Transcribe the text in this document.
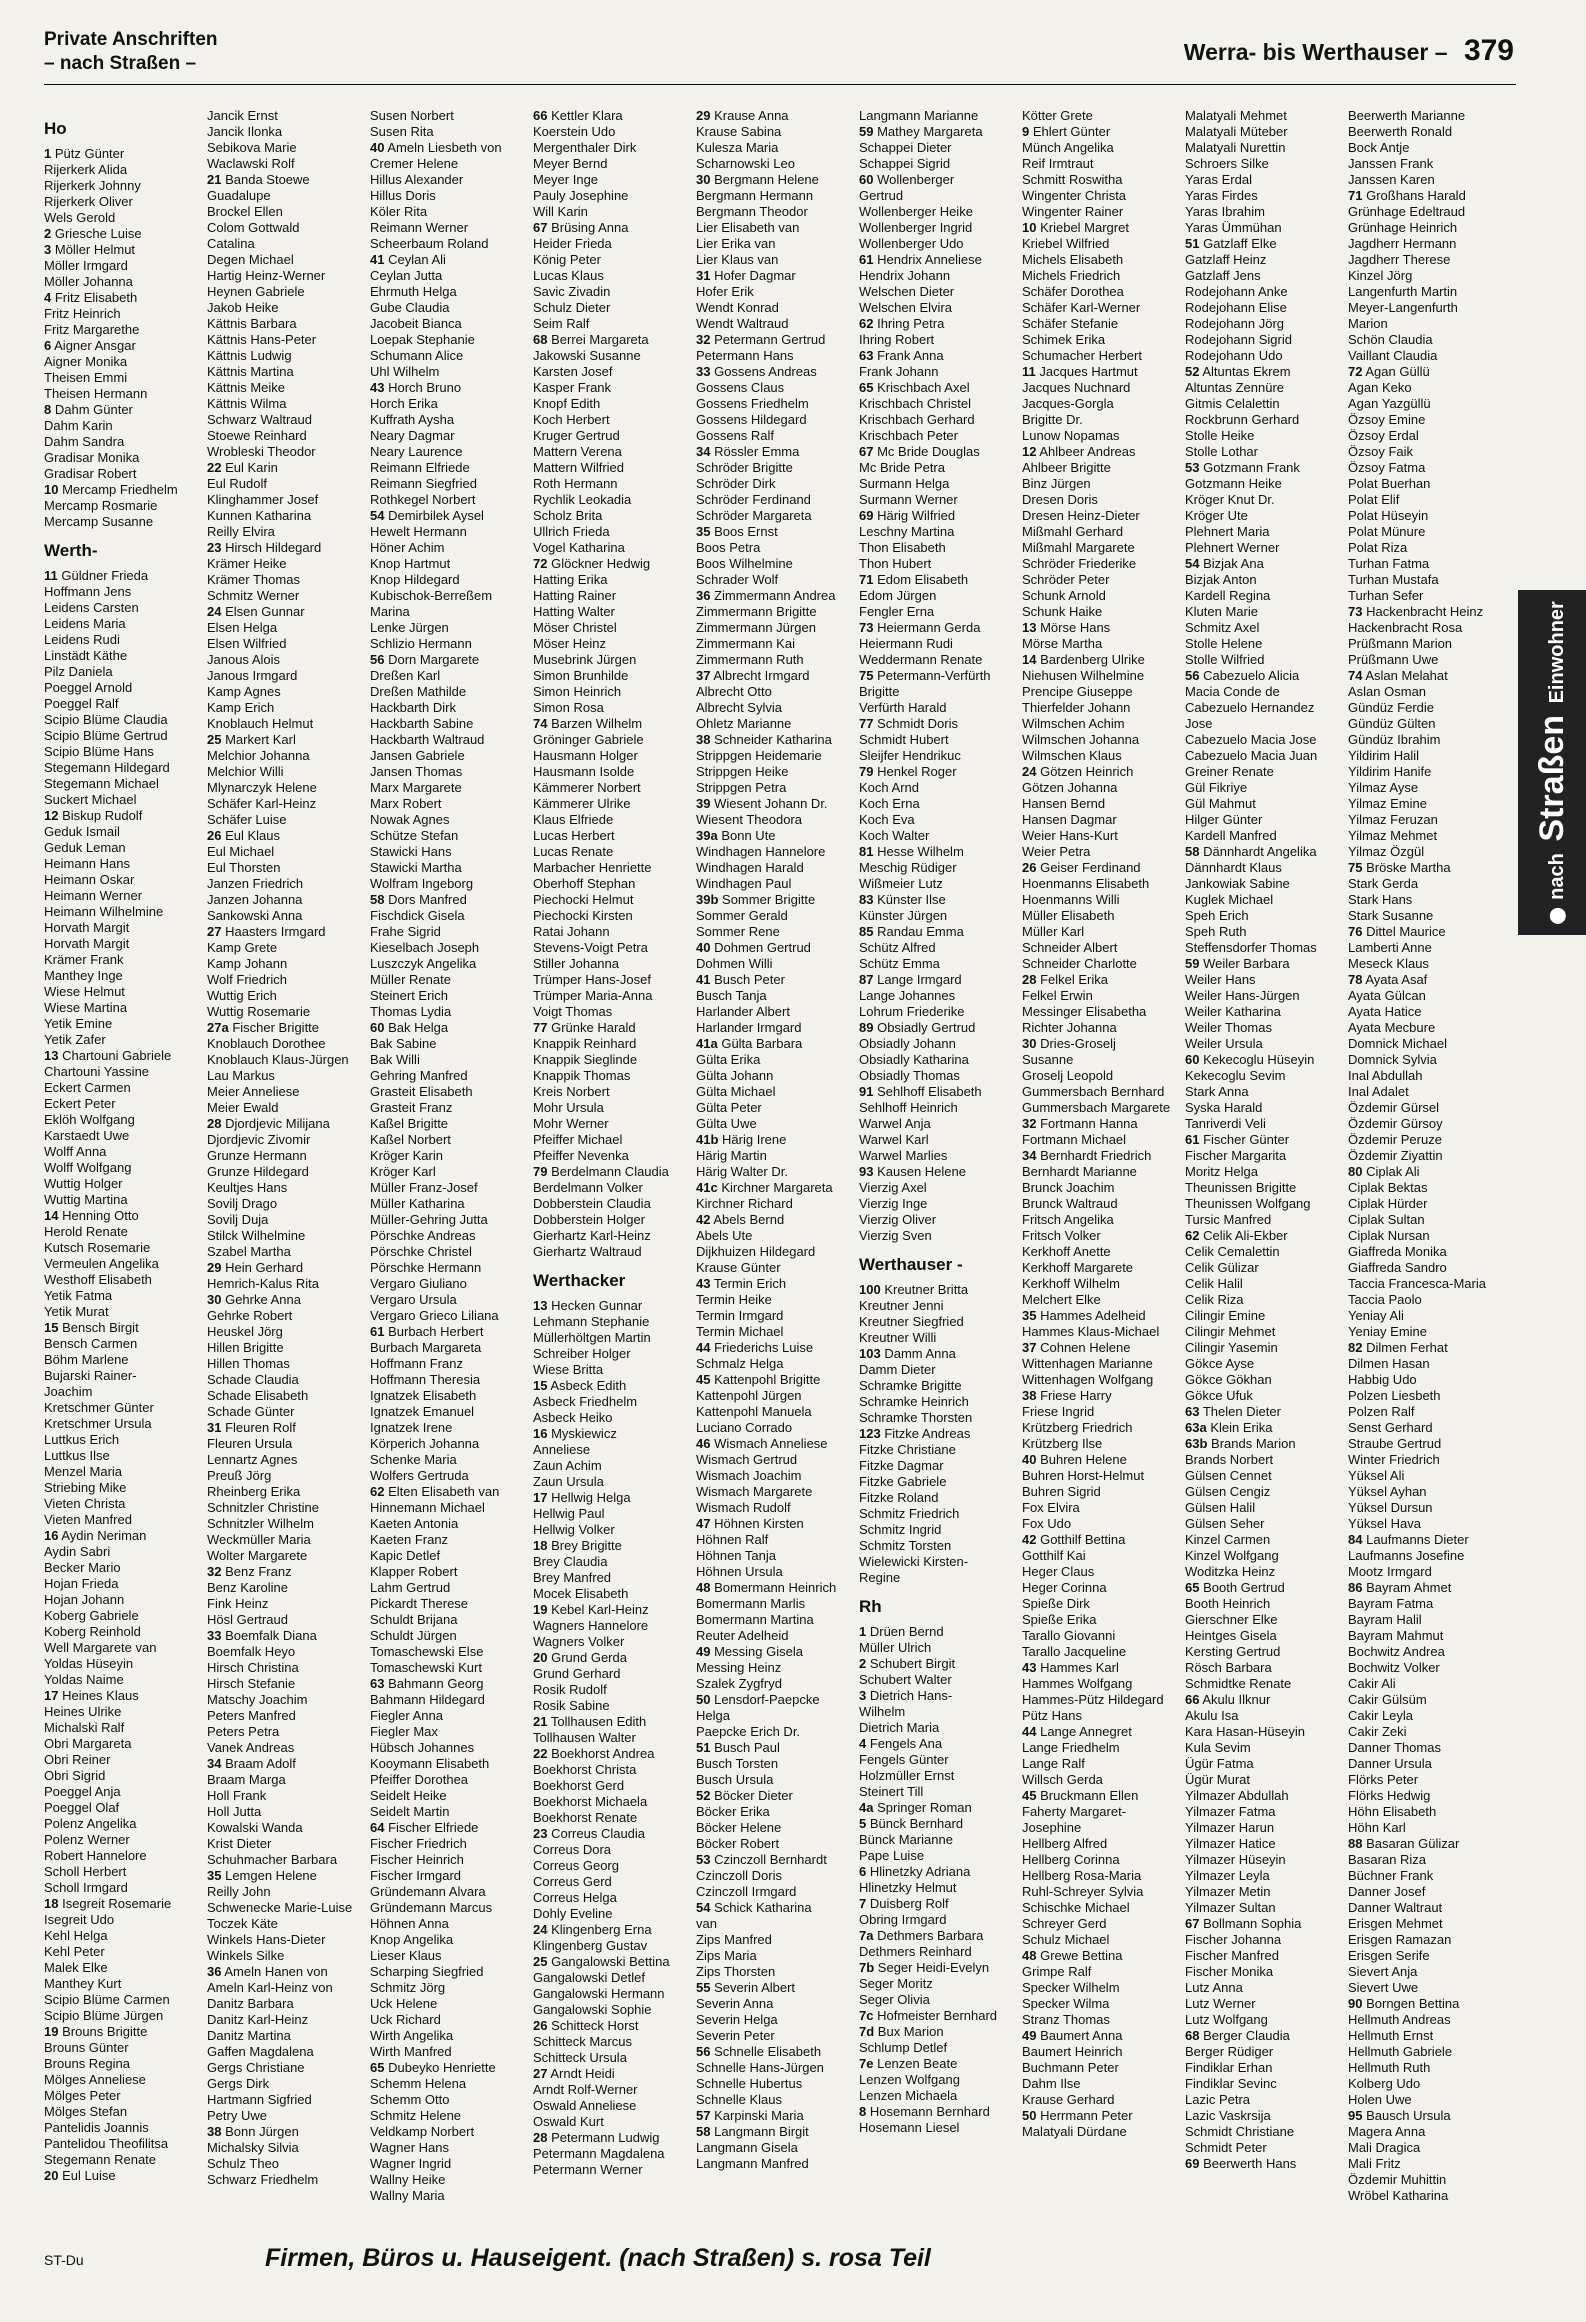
Private Anschriften
– nach Straßen –	Werra- bis Werthauser – 379
Ho
1 Pütz Günter
Rijerkerk Alida
Rijerkerk Johnny
Rijerkerk Oliver
Wels Gerold
2 Griesche Luise
3 Möller Helmut
Möller Irmgard
Möller Johanna
4 Fritz Elisabeth
Fritz Heinrich
Fritz Margarethe
6 Aigner Ansgar
Aigner Monika
Theisen Emmi
Theisen Hermann
8 Dahm Günter
Dahm Karin
Dahm Sandra
Gradisar Monika
Gradisar Robert
10 Mercamp Friedhelm
Mercamp Rosmarie
Mercamp Susanne
Werth-
11 Güldner Frieda
Hoffmann Jens
Leidens Carsten
Leidens Maria
Leidens Rudi
Linstädt Käthe
Pilz Daniela
Poeggel Arnold
Poeggel Ralf
Scipio Blüme Claudia
Scipio Blüme Gertrud
Scipio Blüme Hans
Stegemann Hildegard
Stegemann Michael
Suckert Michael
12 Biskup Rudolf
Geduk Ismail
Geduk Leman
Heimann Hans
Heimann Oskar
Heimann Werner
Heimann Wilhelmine
Horvath Margit
Horvath Margit
Krämer Frank
Manthey Inge
Wiese Helmut
Wiese Martina
Yetik Emine
Yetik Zafer
13 Chartouni Gabriele
Chartouni Yassine
Eckert Carmen
Eckert Peter
Eklöh Wolfgang
Karstaedt Uwe
Wolff Anna
Wolff Wolfgang
Wuttig Holger
Wuttig Martina
14 Henning Otto
Herold Renate
Kutsch Rosemarie
Vermeulen Angelika
Westhoff Elisabeth
Yetik Fatma
Yetik Murat
15 Bensch Birgit
Bensch Carmen
Böhm Marlene
Bujarski Rainer-
Joachim
Kretschmer Günter
Kretschmer Ursula
Luttkus Erich
Luttkus Ilse
Menzel Maria
Striebing Mike
Vieten Christa
Vieten Manfred
16 Aydin Neriman
Aydin Sabri
Becker Mario
Hojan Frieda
Hojan Johann
Koberg Gabriele
Koberg Reinhold
Well Margarete van
Yoldas Hüseyin
Yoldas Naime
17 Heines Klaus
Heines Ulrike
Michalski Ralf
Obri Margareta
Obri Reiner
Obri Sigrid
Poeggel Anja
Poeggel Olaf
Polenz Angelika
Polenz Werner
Robert Hannelore
Scholl Herbert
Scholl Irmgard
18 Isegreit Rosemarie
Isegreit Udo
Kehl Helga
Kehl Peter
Malek Elke
Manthey Kurt
Scipio Blüme Carmen
Scipio Blüme Jürgen
19 Brouns Brigitte
Brouns Günter
Brouns Regina
Mölges Anneliese
Mölges Peter
Mölges Stefan
Pantelidis Joannis
Pantelidou Theofilitsa
Stegemann Renate
20 Eul Luise
Jancik Ernst
Jancik Ilonka
Sebikova Marie
Waclawski Rolf
21 Banda Stoewe
Guadalupe
Brockel Ellen
Colom Gottwald
Catalina
Degen Michael
Hartig Heinz-Werner
Heynen Gabriele
Jakob Heike
Kättnis Barbara
Kättnis Hans-Peter
Kättnis Ludwig
Kättnis Martina
Kättnis Meike
Kättnis Wilma
Schwarz Waltraud
Stoewe Reinhard
Wrobleski Theodor
22 Eul Karin
Eul Rudolf
Klinghammer Josef
Kunnen Katharina
Reilly Elvira
23 Hirsch Hildegard
Krämer Heike
Krämer Thomas
Schmitz Werner
24 Elsen Gunnar
Elsen Helga
Elsen Wilfried
Janous Alois
Janous Irmgard
Kamp Agnes
Kamp Erich
Knoblauch Helmut
25 Markert Karl
Melchior Johanna
Melchior Willi
Mlynarczyk Helene
Schäfer Karl-Heinz
Schäfer Luise
26 Eul Klaus
Eul Michael
Eul Thorsten
Janzen Friedrich
Janzen Johanna
Sankowski Anna
27 Haasters Irmgard
Kamp Grete
Kamp Johann
Wolf Friedrich
Wuttig Erich
Wuttig Rosemarie
27a Fischer Brigitte
Knoblauch Dorothee
Knoblauch Klaus-Jürgen
Lau Markus
Meier Anneliese
Meier Ewald
28 Djordjevic Milijana
Djordjevic Zivomir
Grunze Hermann
Grunze Hildegard
Keultjes Hans
Sovilj Drago
Sovilj Duja
Stilck Wilhelmine
Szabel Martha
29 Hein Gerhard
Hemrich-Kalus Rita
30 Gehrke Anna
Gehrke Robert
Heuskel Jörg
Hillen Brigitte
Hillen Thomas
Schade Claudia
Schade Elisabeth
Schade Günter
31 Fleuren Rolf
Fleuren Ursula
Lennartz Agnes
Preuß Jörg
Rheinberg Erika
Schnitzler Christine
Schnitzler Wilhelm
Weckmüller Maria
Wolter Margarete
32 Benz Franz
Benz Karoline
Fink Heinz
Hösl Gertraud
33 Boemfalk Diana
Boemfalk Heyo
Hirsch Christina
Hirsch Stefanie
Matschy Joachim
Peters Manfred
Peters Petra
Vanek Andreas
34 Braam Adolf
Braam Marga
Holl Frank
Holl Jutta
Kowalski Wanda
Krist Dieter
Schuhmacher Barbara
35 Lemgen Helene
Reilly John
Schwenecke Marie-Luise
Toczek Käte
Winkels Hans-Dieter
Winkels Silke
36 Ameln Hanen von
Ameln Karl-Heinz von
Danitz Barbara
Danitz Karl-Heinz
Danitz Martina
Gaffen Magdalena
Gergs Christiane
Gergs Dirk
Hartmann Sigfried
Petry Uwe
38 Bonn Jürgen
Michalsky Silvia
Schulz Theo
Schwarz Friedhelm
Susen Norbert
Susen Rita
40 Ameln Liesbeth von
Cremer Helene
Hillus Alexander
Hillus Doris
Köler Rita
Reimann Werner
Scheerbaum Roland
41 Ceylan Ali
Ceylan Jutta
Ehrmuth Helga
Gube Claudia
Jacobeit Bianca
Loepak Stephanie
Schumann Alice
Uhl Wilhelm
43 Horch Bruno
Horch Erika
Kuffrath Aysha
Neary Dagmar
Neary Laurence
Reimann Elfriede
Reimann Siegfried
Rothkegel Norbert
54 Demirbilek Aysel
Hewelt Hermann
Höner Achim
Knop Hartmut
Knop Hildegard
Kubischok-Berreßem
Marina
Lenke Jürgen
Schlizio Hermann
56 Dorn Margarete
Dreßen Karl
Dreßen Mathilde
Hackbarth Dirk
Hackbarth Sabine
Hackbarth Waltraud
Jansen Gabriele
Jansen Thomas
Marx Margarete
Marx Robert
Nowak Agnes
Schütze Stefan
Stawicki Hans
Stawicki Martha
Wolfram Ingeborg
58 Dors Manfred
Fischdick Gisela
Frahe Sigrid
Kieselbach Joseph
Luszczyk Angelika
Müller Renate
Steinert Erich
Thomas Lydia
60 Bak Helga
Bak Sabine
Bak Willi
Gehring Manfred
Grasteit Elisabeth
Grasteit Franz
Kaßel Brigitte
Kaßel Norbert
Kröger Karin
Kröger Karl
Müller Franz-Josef
Müller Katharina
Müller-Gehring Jutta
Pörschke Andreas
Pörschke Christel
Pörschke Hermann
Vergaro Giuliano
Vergaro Ursula
Vergaro Grieco Liliana
61 Burbach Herbert
Burbach Margareta
Hoffmann Franz
Hoffmann Theresia
Ignatzek Elisabeth
Ignatzek Emanuel
Ignatzek Irene
Körperich Johanna
Schenke Maria
Wolfers Gertruda
62 Elten Elisabeth van
Hinnemann Michael
Kaeten Antonia
Kaeten Franz
Kapic Detlef
Klapper Robert
Lahm Gertrud
Pickardt Therese
Schuldt Brijana
Schuldt Jürgen
Tomaschewski Else
Tomaschewski Kurt
63 Bahmann Georg
Bahmann Hildegard
Fiegler Anna
Fiegler Max
Hübsch Johannes
Kooymann Elisabeth
Pfeiffer Dorothea
Seidelt Heike
Seidelt Martin
64 Fischer Elfriede
Fischer Friedrich
Fischer Heinrich
Fischer Irmgard
Gründemann Alvara
Gründemann Marcus
Höhnen Anna
Knop Angelika
Lieser Klaus
Scharping Siegfried
Schmitz Jörg
Uck Helene
Uck Richard
Wirth Angelika
Wirth Manfred
65 Dubeyko Henriette
Schemm Helena
Schemm Otto
Schmitz Helene
Veldkamp Norbert
Wagner Hans
Wagner Ingrid
Wallny Heike
Wallny Maria
66 Kettler Klara
Koerstein Udo
Mergenthaler Dirk
Meyer Bernd
Meyer Inge
Pauly Josephine
Will Karin
67 Brüsing Anna
Heider Frieda
König Peter
Lucas Klaus
Savic Zivadin
Schulz Dieter
Seim Ralf
68 Berrei Margareta
Jakowski Susanne
Karsten Josef
Kasper Frank
Knopf Edith
Koch Herbert
Kruger Gertrud
Mattern Verena
Mattern Wilfried
Roth Hermann
Rychlik Leokadia
Scholz Brita
Ullrich Frieda
Vogel Katharina
72 Glöckner Hedwig
Hatting Erika
Hatting Rainer
Hatting Walter
Möser Christel
Möser Heinz
Musebrink Jürgen
Simon Brunhilde
Simon Heinrich
Simon Rosa
74 Barzen Wilhelm
Gröninger Gabriele
Hausmann Holger
Hausmann Isolde
Kämmerer Norbert
Kämmerer Ulrike
Klaus Elfriede
Lucas Herbert
Lucas Renate
Marbacher Henriette
Oberhoff Stephan
Piechocki Helmut
Piechocki Kirsten
Ratai Johann
Stevens-Voigt Petra
Stiller Johanna
Trümper Hans-Josef
Trümper Maria-Anna
Voigt Thomas
77 Grünke Harald
Knappik Reinhard
Knappik Sieglinde
Knappik Thomas
Kreis Norbert
Mohr Ursula
Mohr Werner
Pfeiffer Michael
Pfeiffer Nevenka
79 Berdelmann Claudia
Berdelmann Volker
Dobberstein Claudia
Dobberstein Holger
Gierhartz Karl-Heinz
Gierhartz Waltraud
Werthacker
13 Hecken Gunnar
Lehmann Stephanie
Müllerhöltgen Martin
Schreiber Holger
Wiese Britta
15 Asbeck Edith
Asbeck Friedhelm
Asbeck Heiko
16 Myskiewicz
Anneliese
Zaun Achim
Zaun Ursula
17 Hellwig Helga
Hellwig Paul
Hellwig Volker
18 Brey Brigitte
Brey Claudia
Brey Manfred
Mocek Elisabeth
19 Kebel Karl-Heinz
Wagners Hannelore
Wagners Volker
20 Grund Gerda
Grund Gerhard
Rosik Rudolf
Rosik Sabine
21 Tollhausen Edith
Tollhausen Walter
22 Boekhorst Andrea
Boekhorst Christa
Boekhorst Gerd
Boekhorst Michaela
Boekhorst Renate
23 Correus Claudia
Correus Dora
Correus Georg
Correus Gerd
Correus Helga
Dohly Eveline
24 Klingenberg Erna
Klingenberg Gustav
25 Gangalowski Bettina
Gangalowski Detlef
Gangalowski Hermann
Gangalowski Sophie
26 Schitteck Horst
Schitteck Marcus
Schitteck Ursula
27 Arndt Heidi
Arndt Rolf-Werner
Oswald Anneliese
Oswald Kurt
28 Petermann Ludwig
Petermann Magdalena
Petermann Werner
29 Krause Anna
Krause Sabina
Kulesza Maria
Scharnowski Leo
30 Bergmann Helene
Bergmann Hermann
Bergmann Theodor
Lier Elisabeth van
Lier Erika van
Lier Klaus van
31 Hofer Dagmar
Hofer Erik
Wendt Konrad
Wendt Waltraud
32 Petermann Gertrud
Petermann Hans
33 Gossens Andreas
Gossens Claus
Gossens Friedhelm
Gossens Hildegard
Gossens Ralf
34 Rössler Emma
Schröder Brigitte
Schröder Dirk
Schröder Ferdinand
Schröder Margareta
35 Boos Ernst
Boos Petra
Boos Wilhelmine
Schrader Wolf
36 Zimmermann Andrea
Zimmermann Brigitte
Zimmermann Jürgen
Zimmermann Kai
Zimmermann Ruth
37 Albrecht Irmgard
Albrecht Otto
Albrecht Sylvia
Ohletz Marianne
38 Schneider Katharina
Strippgen Heidemarie
Strippgen Heike
Strippgen Petra
39 Wiesent Johann Dr.
Wiesent Theodora
39a Bonn Ute
Windhagen Hannelore
Windhagen Harald
Windhagen Paul
39b Sommer Brigitte
Sommer Gerald
Sommer Rene
40 Dohmen Gertrud
Dohmen Willi
41 Busch Peter
Busch Tanja
Harlander Albert
Harlander Irmgard
41a Gülta Barbara
Gülta Erika
Gülta Johann
Gülta Michael
Gülta Peter
Gülta Uwe
41b Härig Irene
Härig Martin
Härig Walter Dr.
41c Kirchner Margareta
Kirchner Richard
42 Abels Bernd
Abels Ute
Dijkhuizen Hildegard
Krause Günter
43 Termin Erich
Termin Heike
Termin Irmgard
Termin Michael
44 Friederichs Luise
Schmalz Helga
45 Kattenpohl Brigitte
Kattenpohl Jürgen
Kattenpohl Manuela
Luciano Corrado
46 Wismach Anneliese
Wismach Gertrud
Wismach Joachim
Wismach Margarete
Wismach Rudolf
47 Höhnen Kirsten
Höhnen Ralf
Höhnen Tanja
Höhnen Ursula
48 Bomermann Heinrich
Bomermann Marlis
Bomermann Martina
Reuter Adelheid
49 Messing Gisela
Messing Heinz
Szalek Zygfryd
50 Lensdorf-Paepcke
Helga
Paepcke Erich Dr.
51 Busch Paul
Busch Torsten
Busch Ursula
52 Böcker Dieter
Böcker Erika
Böcker Helene
Böcker Robert
53 Czinczoll Bernhardt
Czinczoll Doris
Czinczoll Irmgard
54 Schick Katharina
van
Zips Manfred
Zips Maria
Zips Thorsten
55 Severin Albert
Severin Anna
Severin Helga
Severin Peter
56 Schnelle Elisabeth
Schnelle Hans-Jürgen
Schnelle Hubertus
Schnelle Klaus
57 Karpinski Maria
58 Langmann Birgit
Langmann Gisela
Langmann Manfred
Langmann Marianne
59 Mathey Margareta
Schappei Dieter
Schappei Sigrid
60 Wollenberger
Gertrud
Wollenberger Heike
Wollenberger Ingrid
Wollenberger Udo
61 Hendrix Anneliese
Hendrix Johann
Welschen Dieter
Welschen Elvira
62 Ihring Petra
Ihring Robert
63 Frank Anna
Frank Johann
65 Krischbach Axel
Krischbach Christel
Krischbach Gerhard
Krischbach Peter
67 Mc Bride Douglas
Mc Bride Petra
Surmann Helga
Surmann Werner
69 Härig Wilfried
Leschny Martina
Thon Elisabeth
Thon Hubert
71 Edom Elisabeth
Edom Jürgen
Fengler Erna
73 Heiermann Gerda
Heiermann Rudi
Weddermann Renate
75 Petermann-Verfürth
Brigitte
Verfürth Harald
77 Schmidt Doris
Schmidt Hubert
Sleijfer Hendrikuc
79 Henkel Roger
Koch Arnd
Koch Erna
Koch Eva
Koch Walter
81 Hesse Wilhelm
Meschig Rüdiger
Wißmeier Lutz
83 Künster Ilse
Künster Jürgen
85 Randau Emma
Schütz Alfred
Schütz Emma
87 Lange Irmgard
Lange Johannes
Lohrum Friederike
89 Obsiadly Gertrud
Obsiadly Johann
Obsiadly Katharina
Obsiadly Thomas
91 Sehlhoff Elisabeth
Sehlhoff Heinrich
Warwel Anja
Warwel Karl
Warwel Marlies
93 Kausen Helene
Vierzig Axel
Vierzig Inge
Vierzig Oliver
Vierzig Sven
Werthauser -
100 Kreutner Britta
Kreutner Jenni
Kreutner Siegfried
Kreutner Willi
103 Damm Anna
Damm Dieter
Schramke Brigitte
Schramke Heinrich
Schramke Thorsten
123 Fitzke Andreas
Fitzke Christiane
Fitzke Dagmar
Fitzke Gabriele
Fitzke Roland
Schmitz Friedrich
Schmitz Ingrid
Schmitz Torsten
Wielewicki Kirsten-
Regine
Rh
1 Drüen Bernd
Müller Ulrich
2 Schubert Birgit
Schubert Walter
3 Dietrich Hans-
Wilhelm
Dietrich Maria
4 Fengels Ana
Fengels Günter
Holzmüller Ernst
Steinert Till
4a Springer Roman
5 Bünck Bernhard
Bünck Marianne
Pape Luise
6 Hlinetzky Adriana
Hlinetzky Helmut
7 Duisberg Rolf
Obring Irmgard
7a Dethmers Barbara
Dethmers Reinhard
7b Seger Heidi-Evelyn
Seger Moritz
Seger Olivia
7c Hofmeister Bernhard
7d Bux Marion
Schlump Detlef
7e Lenzen Beate
Lenzen Wolfgang
Lenzen Michaela
8 Hosemann Bernhard
Hosemann Liesel
Kötter Grete
9 Ehlert Günter
Münch Angelika
Reif Irmtraut
Schmitt Roswitha
Wingenter Christa
Wingenter Rainer
10 Kriebel Margret
Kriebel Wilfried
Michels Elisabeth
Michels Friedrich
Schäfer Dorothea
Schäfer Karl-Werner
Schäfer Stefanie
Schimek Erika
Schumacher Herbert
11 Jacques Hartmut
Jacques Nuchnard
Jacques-Gorgla
Brigitte Dr.
Lunow Nopamas
12 Ahlbeer Andreas
Ahlbeer Brigitte
Binz Jürgen
Dresen Doris
Dresen Heinz-Dieter
Mißmahl Gerhard
Mißmahl Margarete
Schröder Friederike
Schröder Peter
Schunk Arnold
Schunk Haike
13 Mörse Hans
Mörse Martha
14 Bardenberg Ulrike
Niehusen Wilhelmine
Prencipe Giuseppe
Thierfelder Johann
Wilmschen Achim
Wilmschen Johanna
Wilmschen Klaus
24 Götzen Heinrich
Götzen Johanna
Hansen Bernd
Hansen Dagmar
Weier Hans-Kurt
Weier Petra
26 Geiser Ferdinand
Hoenmanns Elisabeth
Hoenmanns Willi
Müller Elisabeth
Müller Karl
Schneider Albert
Schneider Charlotte
28 Felkel Erika
Felkel Erwin
Messinger Elisabetha
Richter Johanna
30 Dries-Groselj
Susanne
Groselj Leopold
Gummersbach Bernhard
Gummersbach Margarete
32 Fortmann Hanna
Fortmann Michael
34 Bernhardt Friedrich
Bernhardt Marianne
Brunck Joachim
Brunck Waltraud
Fritsch Angelika
Fritsch Volker
Kerkhoff Anette
Kerkhoff Margarete
Kerkhoff Wilhelm
Melchert Elke
35 Hammes Adelheid
Hammes Klaus-Michael
37 Cohnen Helene
Wittenhagen Marianne
Wittenhagen Wolfgang
38 Friese Harry
Friese Ingrid
Krützberg Friedrich
Krützberg Ilse
40 Buhren Helene
Buhren Horst-Helmut
Buhren Sigrid
Fox Elvira
Fox Udo
42 Gotthilf Bettina
Gotthilf Kai
Heger Claus
Heger Corinna
Spieße Dirk
Spieße Erika
Tarallo Giovanni
Tarallo Jacqueline
43 Hammes Karl
Hammes Wolfgang
Hammes-Pütz Hildegard
Pütz Hans
44 Lange Annegret
Lange Friedhelm
Lange Ralf
Willsch Gerda
45 Bruckmann Ellen
Faherty Margaret-
Josephine
Hellberg Alfred
Hellberg Corinna
Hellberg Rosa-Maria
Ruhl-Schreyer Sylvia
Schischke Michael
Schreyer Gerd
Schulz Michael
48 Grewe Bettina
Grimpe Ralf
Specker Wilhelm
Specker Wilma
Stranz Thomas
49 Baumert Anna
Baumert Heinrich
Buchmann Peter
Dahm Ilse
Krause Gerhard
50 Herrmann Peter
Malatyali Dürdane
Malatyali Mehmet
Malatyali Müteber
Malatyali Nurettin
Schroers Silke
Yaras Erdal
Yaras Firdes
Yaras Ibrahim
Yaras Ümmühan
51 Gatzlaff Elke
Gatzlaff Heinz
Gatzlaff Jens
Rodejohann Anke
Rodejohann Elise
Rodejohann Jörg
Rodejohann Sigrid
Rodejohann Udo
52 Altuntas Ekrem
Altuntas Zennüre
Gitmis Celalettin
Rockbrunn Gerhard
Stolle Heike
Stolle Lothar
53 Gotzmann Frank
Gotzmann Heike
Kröger Knut Dr.
Kröger Ute
Plehnert Maria
Plehnert Werner
54 Bizjak Ana
Bizjak Anton
Kardell Regina
Kluten Marie
Schmitz Axel
Stolle Helene
Stolle Wilfried
56 Cabezuelo Alicia
Macia Conde de
Cabezuelo Hernandez
Jose
Cabezuelo Macia Jose
Cabezuelo Macia Juan
Greiner Renate
Gül Fikriye
Gül Mahmut
Hilger Günter
Kardell Manfred
58 Dännhardt Angelika
Dännhardt Klaus
Jankowiak Sabine
Kuglek Michael
Speh Erich
Speh Ruth
Steffensdorfer Thomas
59 Weiler Barbara
Weiler Hans
Weiler Hans-Jürgen
Weiler Katharina
Weiler Thomas
Weiler Ursula
60 Kekecoglu Hüseyin
Kekecoglu Sevim
Stark Anna
Syska Harald
Tanriverdi Veli
61 Fischer Günter
Fischer Margarita
Moritz Helga
Theunissen Brigitte
Theunissen Wolfgang
Tursic Manfred
62 Celik Ali-Ekber
Celik Cemalettin
Celik Gülizar
Celik Halil
Celik Riza
Cilingir Emine
Cilingir Mehmet
Cilingir Yasemin
Gökce Ayse
Gökce Gökhan
Gökce Ufuk
63 Thelen Dieter
63a Klein Erika
63b Brands Marion
Brands Norbert
Gülsen Cennet
Gülsen Cengiz
Gülsen Halil
Gülsen Seher
Kinzel Carmen
Kinzel Wolfgang
Woditzka Heinz
65 Booth Gertrud
Booth Heinrich
Gierschner Elke
Heintges Gisela
Kersting Gertrud
Rösch Barbara
Schmidtke Renate
66 Akulu Ilknur
Akulu Isa
Kara Hasan-Hüseyin
Kula Sevim
Ügür Fatma
Ügür Murat
Yilmazer Abdullah
Yilmazer Fatma
Yilmazer Harun
Yilmazer Hatice
Yilmazer Hüseyin
Yilmazer Leyla
Yilmazer Metin
Yilmazer Sultan
67 Bollmann Sophia
Fischer Johanna
Fischer Manfred
Fischer Monika
Lutz Anna
Lutz Werner
Lutz Wolfgang
68 Berger Claudia
Berger Rüdiger
Findiklar Erhan
Findiklar Sevinc
Lazic Petra
Lazic Vaskrsija
Schmidt Christiane
Schmidt Peter
69 Beerwerth Hans
Beerwerth Marianne
Beerwerth Ronald
Bock Antje
Janssen Frank
Janssen Karen
71 Großhans Harald
Grünhage Edeltraud
Grünhage Heinrich
Jagdherr Hermann
Jagdherr Therese
Kinzel Jörg
Langenfurth Martin
Meyer-Langenfurth
Marion
Schön Claudia
Vaillant Claudia
72 Agan Güllü
Agan Keko
Agan Yazgüllü
Özsoy Emine
Özsoy Erdal
Özsoy Faik
Özsoy Fatma
Polat Buerhan
Polat Elif
Polat Hüseyin
Polat Münure
Polat Riza
Turhan Fatma
Turhan Mustafa
Turhan Sefer
73 Hackenbracht Heinz
Hackenbracht Rosa
Prüßmann Marion
Prüßmann Uwe
74 Aslan Melahat
Aslan Osman
Gündüz Ferdie
Gündüz Gülten
Gündüz Ibrahim
Yildirim Halil
Yildirim Hanife
Yilmaz Ayse
Yilmaz Emine
Yilmaz Feruzan
Yilmaz Mehmet
Yilmaz Özgül
75 Bröske Martha
Stark Gerda
Stark Hans
Stark Susanne
76 Dittel Maurice
Lamberti Anne
Meseck Klaus
78 Ayata Asaf
Ayata Gülcan
Ayata Hatice
Ayata Mecbure
Domnick Michael
Domnick Sylvia
Inal Abdullah
Inal Adalet
Özdemir Gürsel
Özdemir Gürsoy
Özdemir Peruze
Özdemir Ziyattin
80 Ciplak Ali
Ciplak Bektas
Ciplak Hürder
Ciplak Sultan
Ciplak Nursan
Giaffreda Monika
Giaffreda Sandro
Taccia Francesca-Maria
Taccia Paolo
Yeniay Ali
Yeniay Emine
82 Dilmen Ferhat
Dilmen Hasan
Habbig Udo
Polzen Liesbeth
Polzen Ralf
Senst Gerhard
Straube Gertrud
Winter Friedrich
Yüksel Ali
Yüksel Ayhan
Yüksel Dursun
Yüksel Hava
84 Laufmanns Dieter
Laufmanns Josefine
Mootz Irmgard
86 Bayram Ahmet
Bayram Fatma
Bayram Halil
Bayram Mahmut
Bochwitz Andrea
Bochwitz Volker
Cakir Ali
Cakir Gülsüm
Cakir Leyla
Cakir Zeki
Danner Thomas
Danner Ursula
Flörks Peter
Flörks Hedwig
Höhn Elisabeth
Höhn Karl
88 Basaran Gülizar
Basaran Riza
Büchner Frank
Danner Josef
Danner Waltraut
Erisgen Mehmet
Erisgen Ramazan
Erisgen Serife
Sievert Anja
Sievert Uwe
90 Borngen Bettina
Hellmuth Andreas
Hellmuth Ernst
Hellmuth Gabriele
Hellmuth Ruth
Kolberg Udo
Holen Uwe
95 Bausch Ursula
Magera Anna
Mali Dragica
Mali Fritz
Özdemir Muhittin
Wröbel Katharina
nach Straßen Einwohner
ST-Du	Firmen, Büros u. Hauseigent. (nach Straßen) s. rosa Teil
